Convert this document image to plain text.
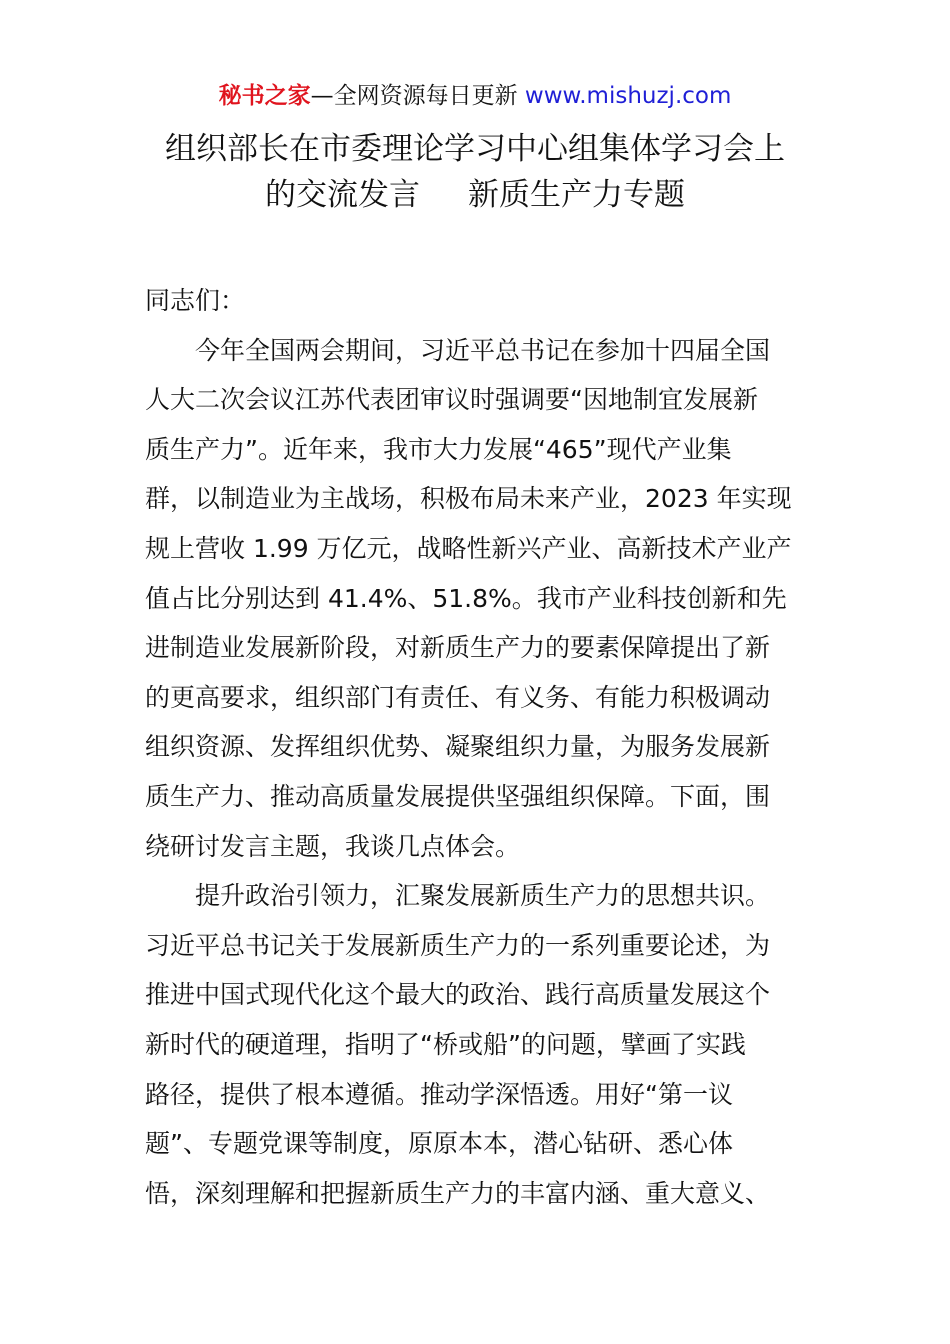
秘书之家—全网资源每日更新 www.mishuzj.com
组织部长在市委理论学习中心组集体学习会上
的交流发言 新质生产力专题
同志们：
今年全国两会期间，习近平总书记在参加十四届全国
人大二次会议江苏代表团审议时强调要“因地制宜发展新
质生产力”。近年来，我市大力发展“465”现代产业集
群，以制造业为主战场，积极布局未来产业，2023 年实现
规上营收 1.99 万亿元，战略性新兴产业、高新技术产业产
值占比分别达到 41.4%、51.8%。我市产业科技创新和先
进制造业发展新阶段，对新质生产力的要素保障提出了新
的更高要求，组织部门有责任、有义务、有能力积极调动
组织资源、发挥组织优势、凝聚组织力量，为服务发展新
质生产力、推动高质量发展提供坚强组织保障。下面，围
绕研讨发言主题，我谈几点体会。
提升政治引领力，汇聚发展新质生产力的思想共识。
习近平总书记关于发展新质生产力的一系列重要论述，为
推进中国式现代化这个最大的政治、践行高质量发展这个
新时代的硬道理，指明了“桥或船”的问题，擘画了实践
路径，提供了根本遵循。推动学深悟透。用好“第一议
题”、专题党课等制度，原原本本，潜心钻研、悉心体
悟，深刻理解和把握新质生产力的丰富内涵、重大意义、
